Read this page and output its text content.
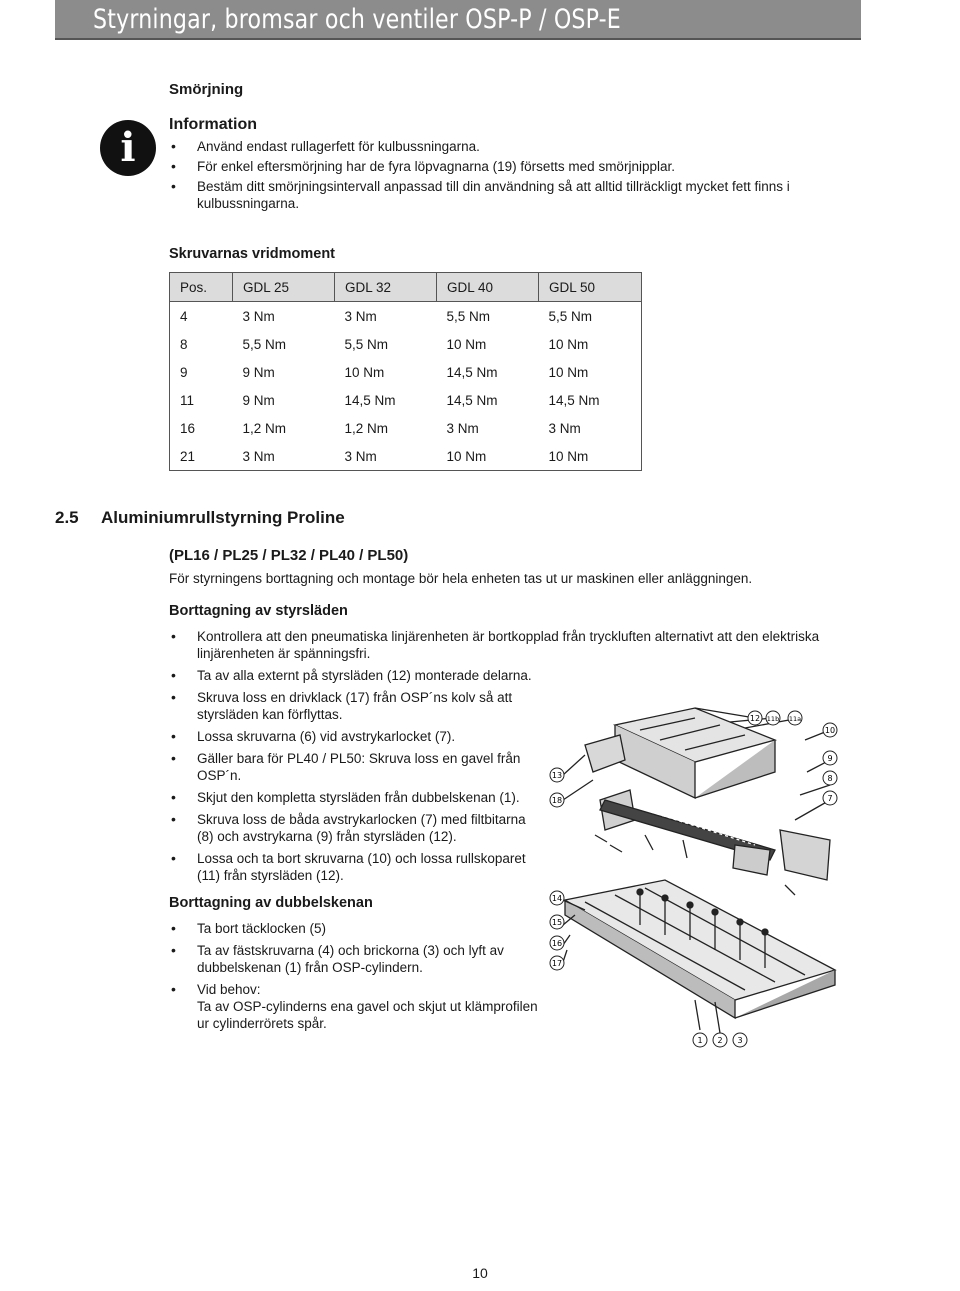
Styrningar, bromsar och ventiler OSP-P / OSP-E
Smörjning
i Information
• Använd endast rullagerfett för kulbussningarna.
• För enkel eftersmörjning har de fyra löpvagnarna (19) försetts med smörjnipplar.
• Bestäm ditt smörjningsintervall anpassad till din användning så att alltid tillräckligt mycket fett finns i kulbussningarna.
Skruvarnas vridmoment
Pos.	GDL 25	GDL 32	GDL 40	GDL 50
4	3 Nm	3 Nm	5,5 Nm	5,5 Nm
8	5,5 Nm	5,5 Nm	10 Nm	10 Nm
9	9 Nm	10 Nm	14,5 Nm	10 Nm
11	9 Nm	14,5 Nm	14,5 Nm	14,5 Nm
16	1,2 Nm	1,2 Nm	3 Nm	3 Nm
21	3 Nm	3 Nm	10 Nm	10 Nm
2.5 Aluminiumrullstyrning Proline
(PL16 / PL25 / PL32 / PL40 / PL50)
För styrningens borttagning och montage bör hela enheten tas ut ur maskinen eller anläggningen.
Borttagning av styrsläden
• Kontrollera att den pneumatiska linjärenheten är bortkopplad från tryckluften alternativt att den elektriska linjärenheten är spänningsfri.
• Ta av alla externt på styrsläden (12) monterade delarna.
• Skruva loss en drivklack (17) från OSP´ns kolv så att styrsläden kan förflyttas.
• Lossa skruvarna (6) vid avstrykarlocket (7).
• Gäller bara för PL40 / PL50: Skruva loss en gavel från OSP´n.
• Skjut den kompletta styrsläden från dubbelskenan (1).
• Skruva loss de båda avstrykarlocken (7) med filtbitarna (8) och avstrykarna (9) från styrsläden (12).
• Lossa och ta bort skruvarna (10) och lossa rullskoparet (11) från styrsläden (12).
Borttagning av dubbelskenan
• Ta bort täcklocken (5)
• Ta av fästskruvarna (4) och brickorna (3) och lyft av dubbelskenan (1) från OSP-cylindern.
• Vid behov:
Ta av OSP-cylinderns ena gavel och skjut ut klämprofilen ur cylinderrörets spår.
12 11b 11a
10
9
8
7
13
18
14
15
16
17
1 2 3
10
